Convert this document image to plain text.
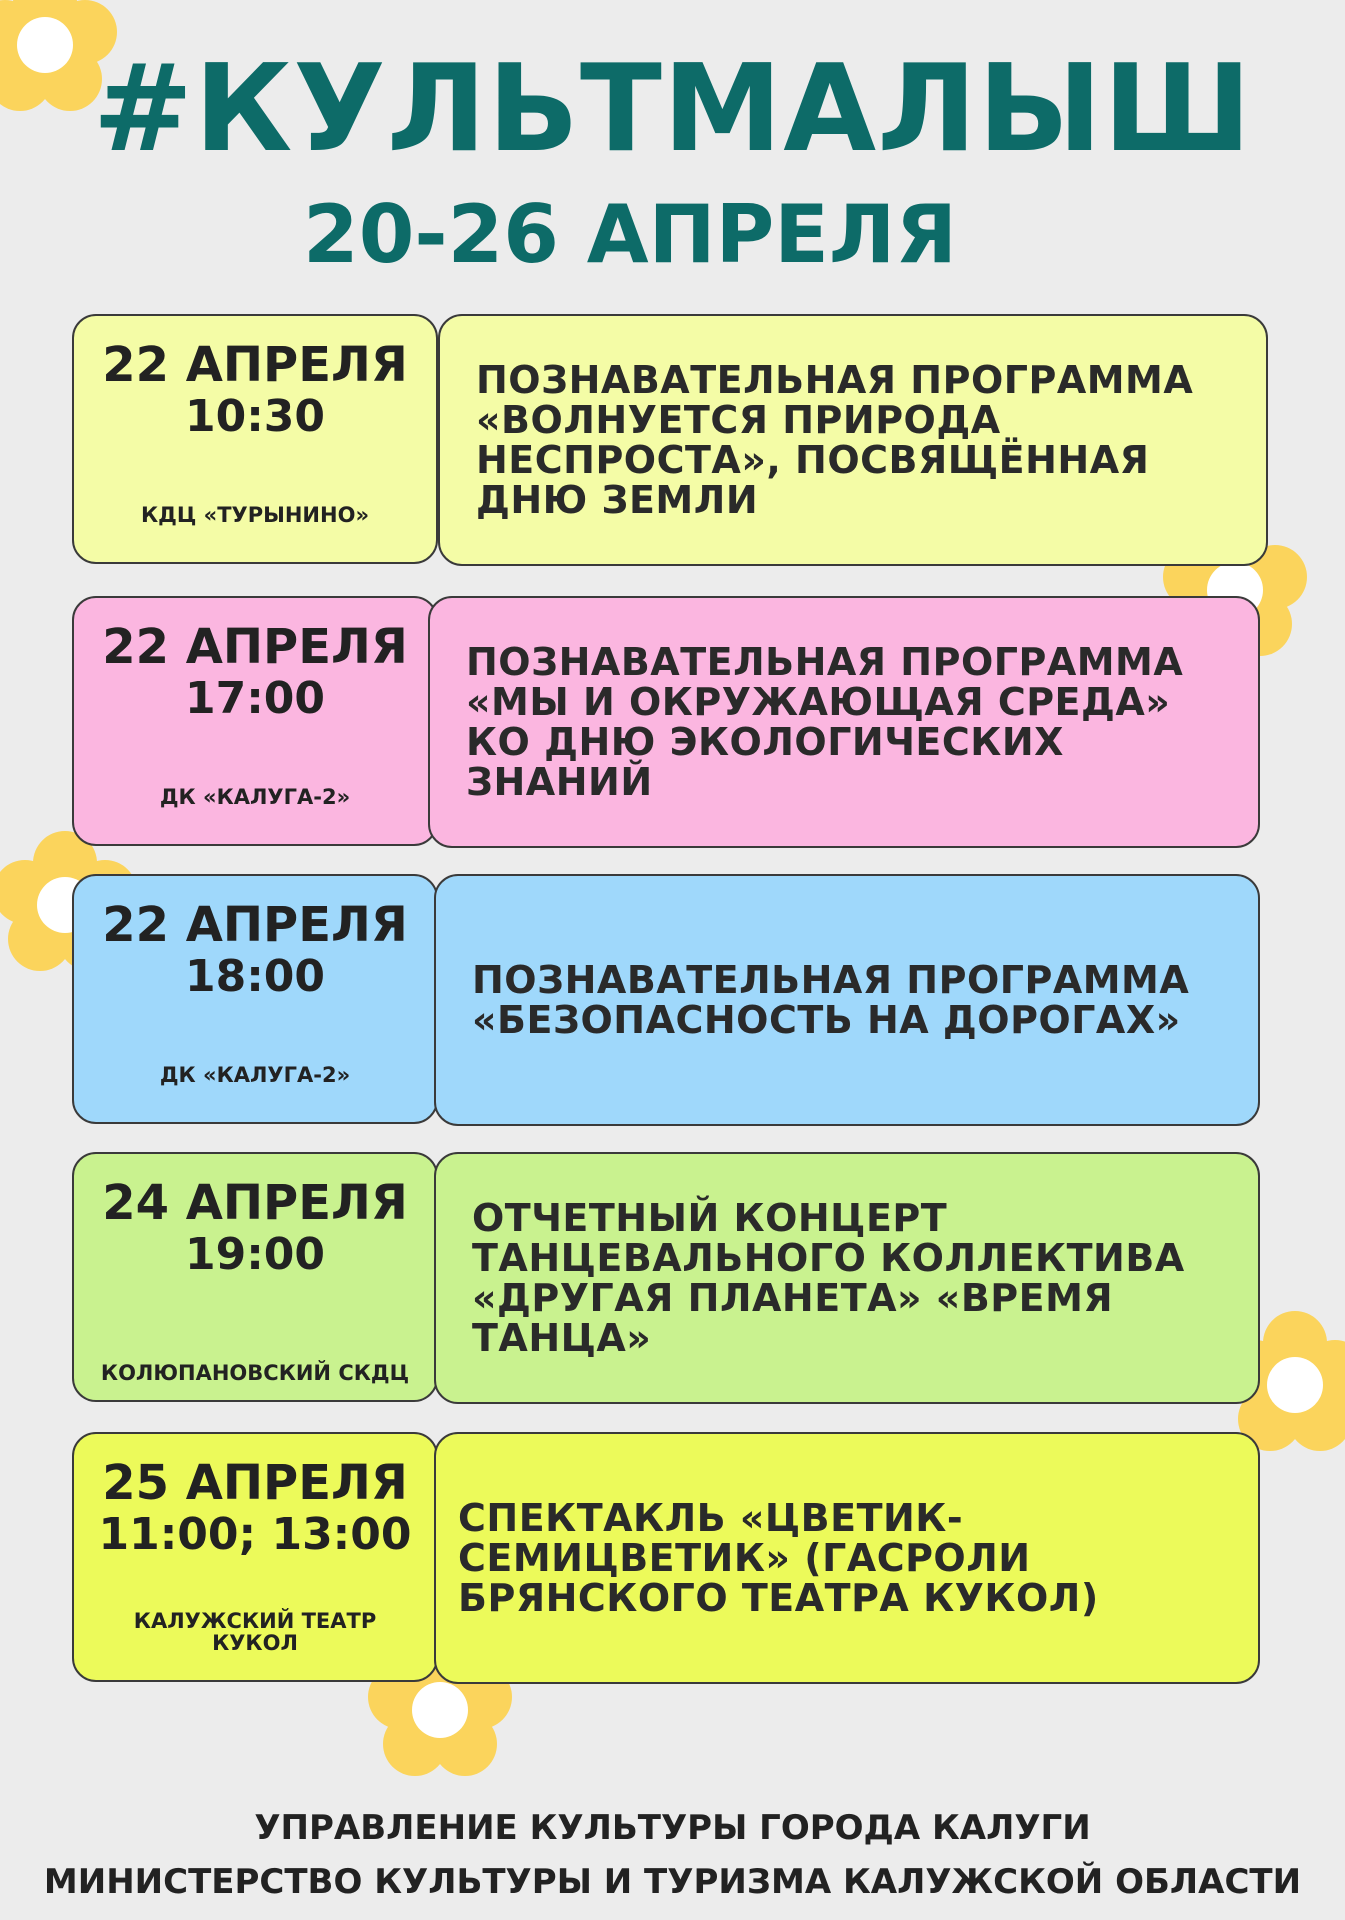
#КУЛЬТМАЛЫШ
20-26 АПРЕЛЯ
22 АПРЕЛЯ
10:30
КДЦ «ТУРЫНИНО»
ПОЗНАВАТЕЛЬНАЯ ПРОГРАММА «ВОЛНУЕТСЯ ПРИРОДА НЕСПРОСТА», ПОСВЯЩЁННАЯ ДНЮ ЗЕМЛИ
22 АПРЕЛЯ
17:00
ДК «КАЛУГА-2»
ПОЗНАВАТЕЛЬНАЯ ПРОГРАММА «МЫ И ОКРУЖАЮЩАЯ СРЕДА» КО ДНЮ ЭКОЛОГИЧЕСКИХ ЗНАНИЙ
22 АПРЕЛЯ
18:00
ДК «КАЛУГА-2»
ПОЗНАВАТЕЛЬНАЯ ПРОГРАММА «БЕЗОПАСНОСТЬ НА ДОРОГАХ»
24 АПРЕЛЯ
19:00
КОЛЮПАНОВСКИЙ СКДЦ
ОТЧЕТНЫЙ КОНЦЕРТ ТАНЦЕВАЛЬНОГО КОЛЛЕКТИВА «ДРУГАЯ ПЛАНЕТА» «ВРЕМЯ ТАНЦА»
25 АПРЕЛЯ
11:00; 13:00
КАЛУЖСКИЙ ТЕАТР КУКОЛ
СПЕКТАКЛЬ «ЦВЕТИК-СЕМИЦВЕТИК» (ГАСРОЛИ БРЯНСКОГО ТЕАТРА КУКОЛ)
УПРАВЛЕНИЕ КУЛЬТУРЫ ГОРОДА КАЛУГИ
МИНИСТЕРСТВО КУЛЬТУРЫ И ТУРИЗМА КАЛУЖСКОЙ ОБЛАСТИ
